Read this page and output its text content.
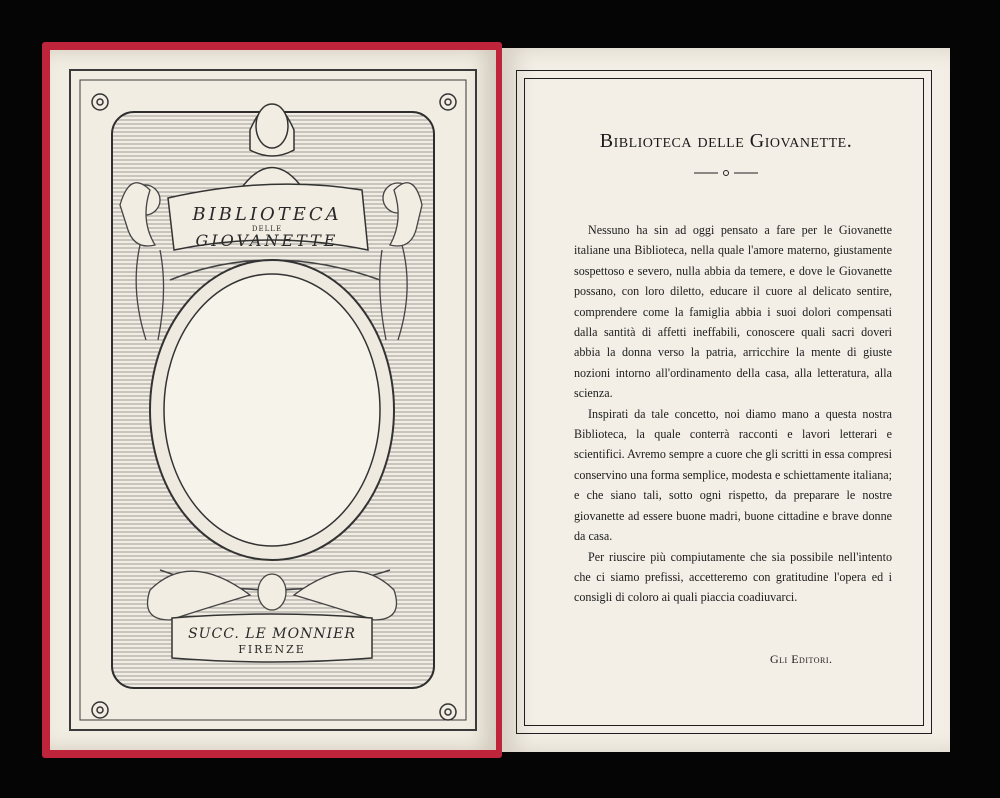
BIBLIOTECA
DELLE
GIOVANETTE
SUCC. LE MONNIER
FIRENZE
Biblioteca delle Giovanette.

Nessuno ha sin ad oggi pensato a fare per le Giovanette italiane una Biblioteca, nella quale l'amore materno, giustamente sospettoso e severo, nulla abbia da temere, e dove le Giovanette possano, con loro diletto, educare il cuore al delicato sentire, comprendere come la famiglia abbia i suoi dolori compensati dalla santità di affetti ineffabili, conoscere quali sacri doveri abbia la donna verso la patria, arricchire la mente di giuste nozioni intorno all'ordinamento della casa, alla letteratura, alla scienza.

Inspirati da tale concetto, noi diamo mano a questa nostra Biblioteca, la quale conterrà racconti e lavori letterari e scientifici. Avremo sempre a cuore che gli scritti in essa compresi conservino una forma semplice, modesta e schiettamente italiana; e che siano tali, sotto ogni rispetto, da preparare le nostre giovanette ad essere buone madri, buone cittadine e brave donne da casa.

Per riuscire più compiutamente che sia possibile nell'intento che ci siamo prefissi, accetteremo con gratitudine l'opera ed i consigli di coloro ai quali piaccia coadiuvarci.

Gli Editori.
